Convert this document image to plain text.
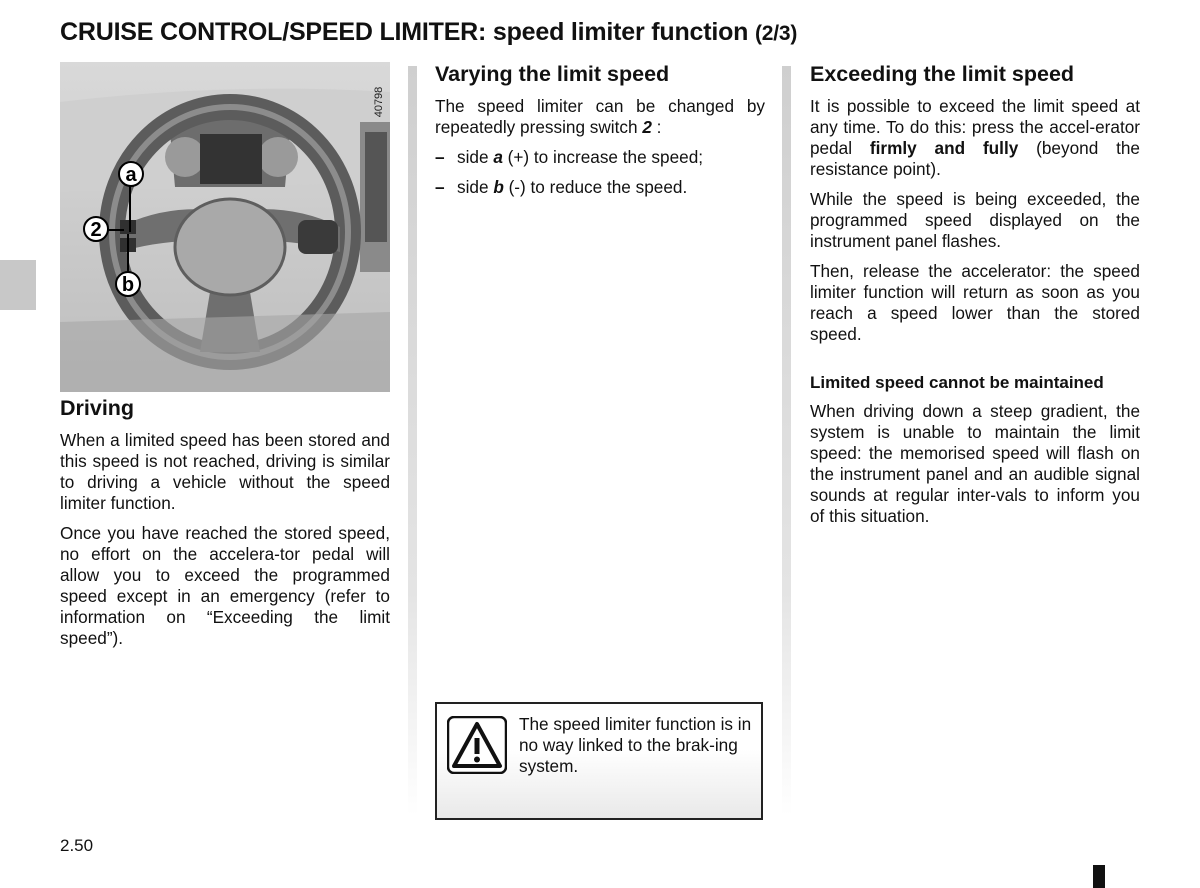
CRUISE CONTROL/SPEED LIMITER: speed limiter function (2/3)
a
2
b
40798
Driving

When a limited speed has been stored and this speed is not reached, driving is similar to driving a vehicle without the speed limiter function.

Once you have reached the stored speed, no effort on the accelera-tor pedal will allow you to exceed the programmed speed except in an emergency (refer to information on “Exceeding the limit speed”).

Varying the limit speed

The speed limiter can be changed by repeatedly pressing switch 2 :

– side a (+) to increase the speed;
– side b (-) to reduce the speed.

The speed limiter function is in no way linked to the brak-ing system.

Exceeding the limit speed

It is possible to exceed the limit speed at any time. To do this: press the accel-erator pedal firmly and fully (beyond the resistance point).

While the speed is being exceeded, the programmed speed displayed on the instrument panel flashes.

Then, release the accelerator: the speed limiter function will return as soon as you reach a speed lower than the stored speed.

Limited speed cannot be maintained

When driving down a steep gradient, the system is unable to maintain the limit speed: the memorised speed will flash on the instrument panel and an audible signal sounds at regular inter-vals to inform you of this situation.

2.50
